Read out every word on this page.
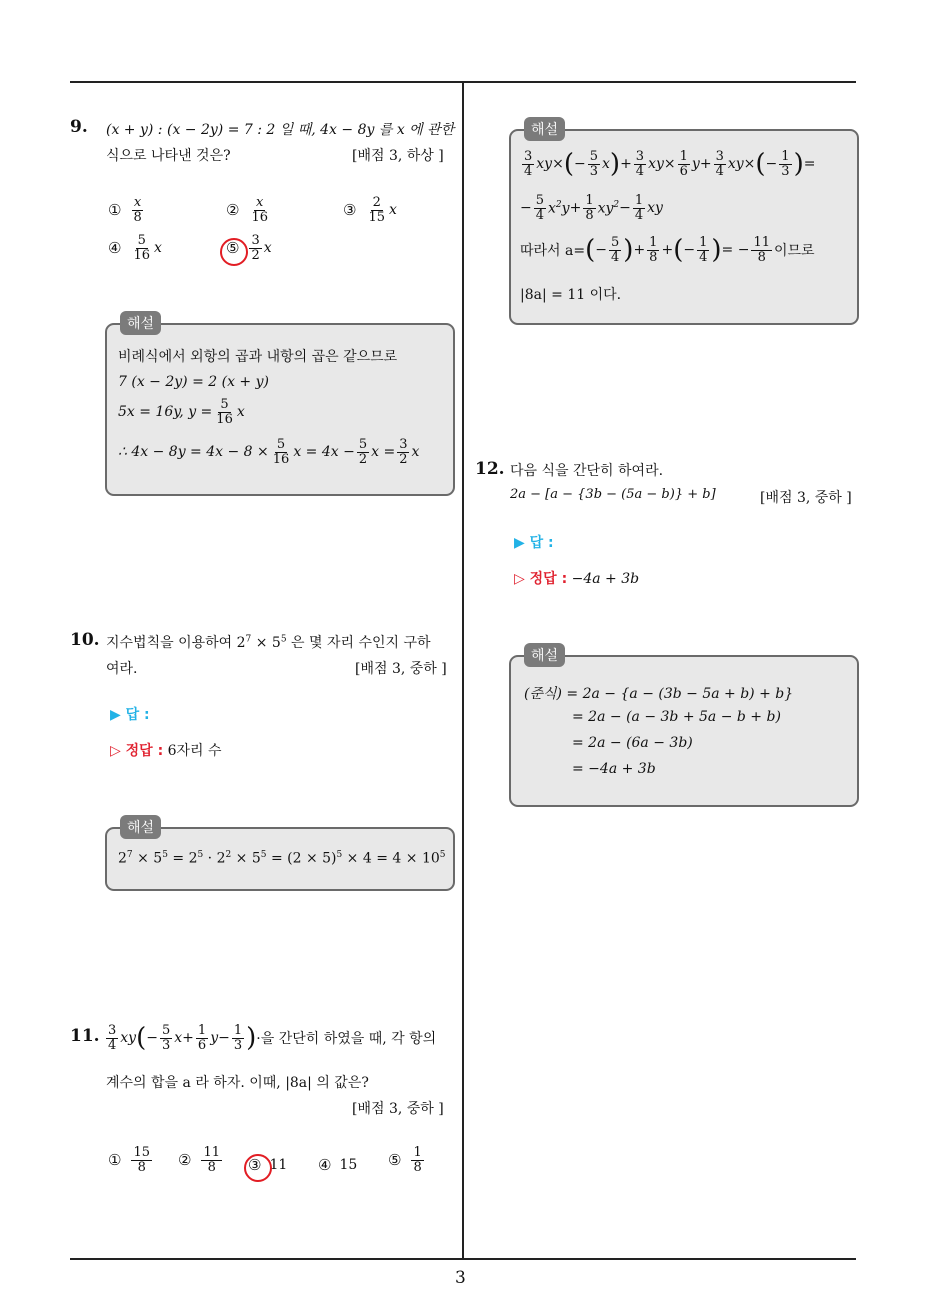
3
9. (x + y) : (x − 2y) = 7 : 2 일 때, 4x − 8y 를 x 에 관한
식으로 나타낸 것은?	[배점 3, 하상 ]
① $\frac{x}{8}$	② $\frac{x}{16}$	③ $\frac{2}{15}$ x
④ $\frac{5}{16}$ x	⑤ $\frac{3}{2}$ x
해설
비례식에서 외항의 곱과 내항의 곱은 같으므로
7 (x − 2y) = 2 (x + y)
5x = 16y, $y = \frac{5}{16}$ x
∴ $4x - 8y = 4x - 8 \times \frac{5}{16}$ $x = 4x - \frac{5}{2}$ $x = \frac{3}{2}$ x
10. 지수법칙을 이용하여 $2^7 \times 5^5$ 은 몇 자리 수인지 구하
여라.	[배점 3, 중하 ]
▶ 답 :
▷ 정답 : 6자리 수
해설
$2^7 \times 5^5 = 2^5 \cdot 2^2 \times 5^5 = (2 \times 5)^5 \times 4 = 4 \times 10^5$
11. $\frac{3}{4}$ xy ( − $\frac{5}{3}$ $x + \frac{1}{6}$ $y - \frac{1}{3}$ ) ·을 간단히 하였을 때, 각 항의
계수의 합을 a 라 하자. 이때, |8a| 의 값은?
[배점 3, 중하 ]
① $\frac{15}{8}$ ② $\frac{11}{8}$ ③ 11 ④ 15 ⑤ $\frac{1}{8}$
해설
$\frac{3}{4}$ xy × ( − $\frac{5}{3}$ x ) + $\frac{3}{4}$ xy × $\frac{1}{6}$ $y + \frac{3}{4}$ xy × ( − $\frac{1}{3}$ ) =
− $\frac{5}{4} x^2y + \frac{1}{8} xy^2 - \frac{1}{4}$ xy
따라서 a= ( − $\frac{5}{4}$ ) + $\frac{1}{8}$ + ( − $\frac{1}{4}$ ) = − $\frac{11}{8}$ 이므로
|8a| = 11 이다.
12. 다음 식을 간단히 하여라.
2a − [a − {3b − (5a − b)} + b]	[배점 3, 중하 ]
▶ 답 :
▷ 정답 : −4a + 3b
해설
(준식) = 2a − {a − (3b − 5a + b) + b}
= 2a − (a − 3b + 5a − b + b)
= 2a − (6a − 3b)
= −4a + 3b
